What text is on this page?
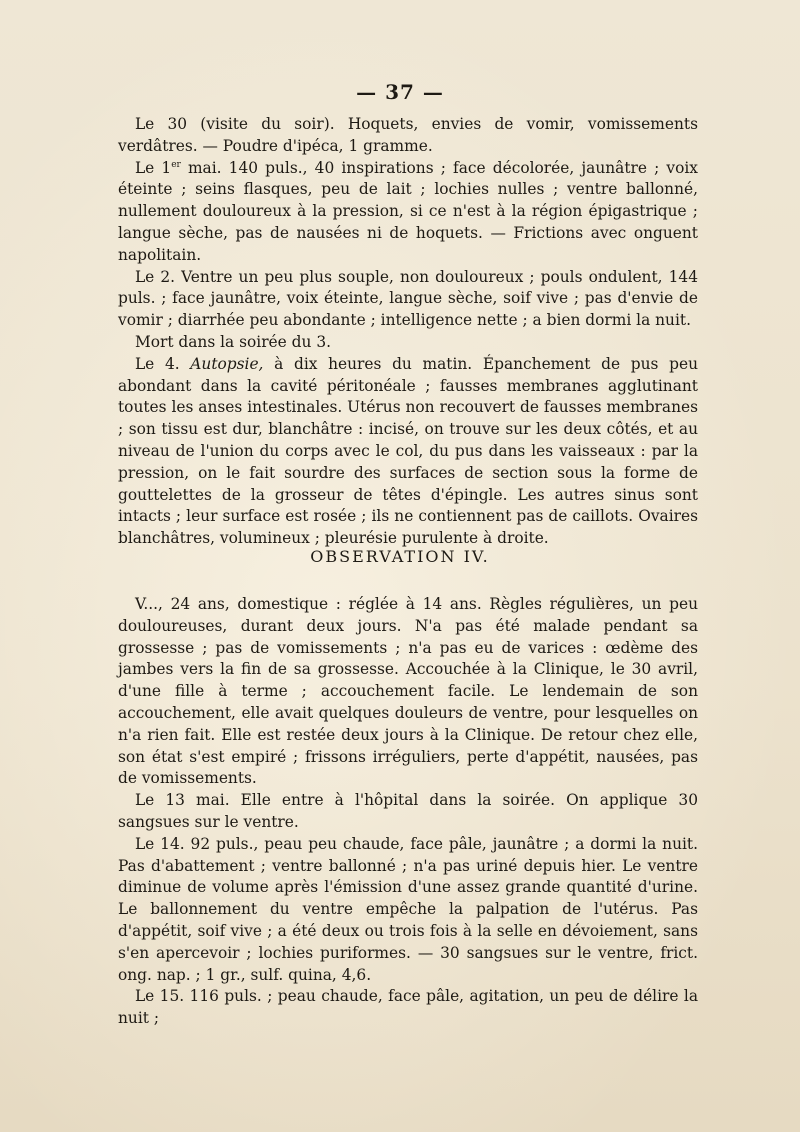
— 37 —

Le 30 (visite du soir). Hoquets, envies de vomir, vomissements verdâtres. — Poudre d'ipéca, 1 gramme.

Le 1er mai. 140 puls., 40 inspirations ; face décolorée, jaunâtre ; voix éteinte ; seins flasques, peu de lait ; lochies nulles ; ventre ballonné, nullement douloureux à la pression, si ce n'est à la région épigastrique ; langue sèche, pas de nausées ni de hoquets. — Frictions avec onguent napolitain.

Le 2. Ventre un peu plus souple, non douloureux ; pouls ondulent, 144 puls. ; face jaunâtre, voix éteinte, langue sèche, soif vive ; pas d'envie de vomir ; diarrhée peu abondante ; intelligence nette ; a bien dormi la nuit.

Mort dans la soirée du 3.

Le 4. Autopsie, à dix heures du matin. Épanchement de pus peu abondant dans la cavité péritonéale ; fausses membranes agglutinant toutes les anses intestinales. Utérus non recouvert de fausses membranes ; son tissu est dur, blanchâtre : incisé, on trouve sur les deux côtés, et au niveau de l'union du corps avec le col, du pus dans les vaisseaux : par la pression, on le fait sourdre des surfaces de section sous la forme de gouttelettes de la grosseur de têtes d'épingle. Les autres sinus sont intacts ; leur surface est rosée ; ils ne contiennent pas de caillots. Ovaires blanchâtres, volumineux ; pleurésie purulente à droite.

OBSERVATION IV.

V..., 24 ans, domestique : réglée à 14 ans. Règles régulières, un peu douloureuses, durant deux jours. N'a pas été malade pendant sa grossesse ; pas de vomissements ; n'a pas eu de varices : œdème des jambes vers la fin de sa grossesse. Accouchée à la Clinique, le 30 avril, d'une fille à terme ; accouchement facile. Le lendemain de son accouchement, elle avait quelques douleurs de ventre, pour lesquelles on n'a rien fait. Elle est restée deux jours à la Clinique. De retour chez elle, son état s'est empiré ; frissons irréguliers, perte d'appétit, nausées, pas de vomissements.

Le 13 mai. Elle entre à l'hôpital dans la soirée. On applique 30 sangsues sur le ventre.

Le 14. 92 puls., peau peu chaude, face pâle, jaunâtre ; a dormi la nuit. Pas d'abattement ; ventre ballonné ; n'a pas uriné depuis hier. Le ventre diminue de volume après l'émission d'une assez grande quantité d'urine. Le ballonnement du ventre empêche la palpation de l'utérus. Pas d'appétit, soif vive ; a été deux ou trois fois à la selle en dévoiement, sans s'en apercevoir ; lochies puriformes. — 30 sangsues sur le ventre, frict. ong. nap. ; 1 gr., sulf. quina, 4,6.

Le 15. 116 puls. ; peau chaude, face pâle, agitation, un peu de délire la nuit ;
